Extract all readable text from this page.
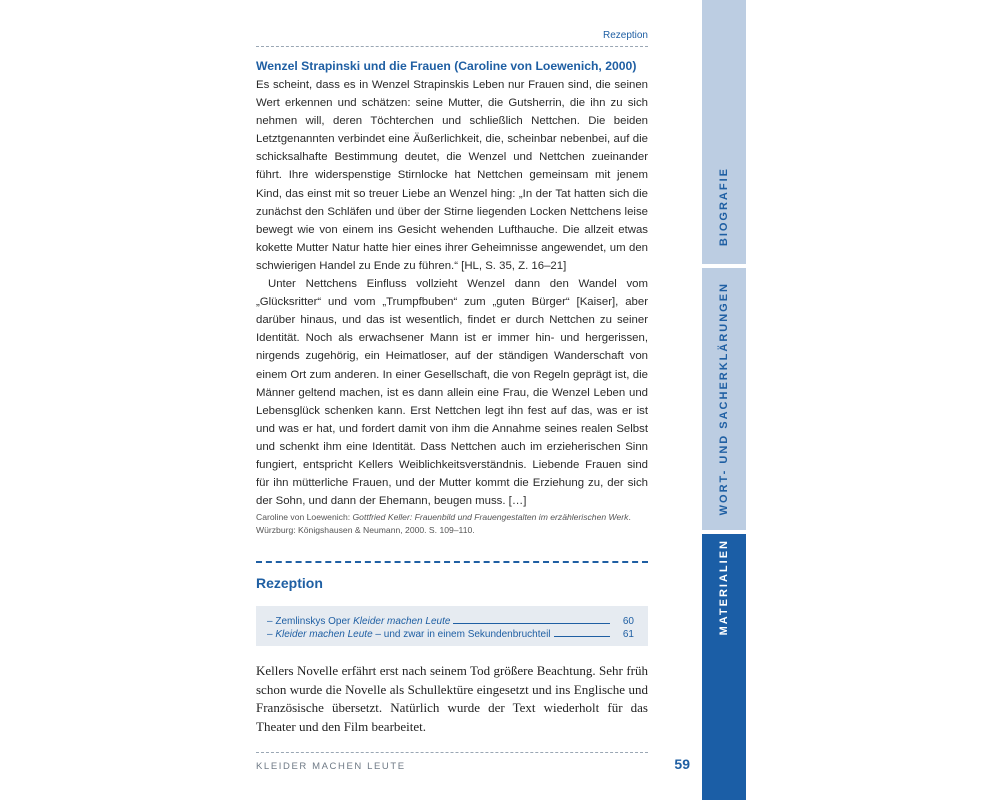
Rezeption
Wenzel Strapinski und die Frauen (Caroline von Loewenich, 2000)

Es scheint, dass es in Wenzel Strapinskis Leben nur Frauen sind, die seinen Wert erkennen und schätzen: seine Mutter, die Gutsherrin, die ihn zu sich nehmen will, deren Töchterchen und schließlich Nettchen. Die beiden Letztgenannten verbindet eine Äußerlichkeit, die, scheinbar nebenbei, auf die schicksalhafte Bestimmung deutet, die Wenzel und Nettchen zueinander führt. Ihre widerspenstige Stirnlocke hat Nettchen gemeinsam mit jenem Kind, das einst mit so treuer Liebe an Wenzel hing: „In der Tat hatten sich die zunächst den Schläfen und über der Stirne liegenden Locken Nettchens leise bewegt wie von einem ins Gesicht wehenden Lufthauche. Die allzeit etwas kokette Mutter Natur hatte hier eines ihrer Geheimnisse angewendet, um den schwierigen Handel zu Ende zu führen.“ [HL, S. 35, Z. 16–21]

Unter Nettchens Einfluss vollzieht Wenzel dann den Wandel vom „Glücksritter“ und vom „Trumpfbuben“ zum „guten Bürger“ [Kaiser], aber darüber hinaus, und das ist wesentlich, findet er durch Nettchen zu seiner Identität. Noch als erwachsener Mann ist er immer hin- und hergerissen, nirgends zugehörig, ein Heimatloser, auf der ständigen Wanderschaft von einem Ort zum anderen. In einer Gesellschaft, die von Regeln geprägt ist, die Männer geltend machen, ist es dann allein eine Frau, die Wenzel Leben und Lebensglück schenken kann. Erst Nettchen legt ihn fest auf das, was er ist und was er hat, und fordert damit von ihm die Annahme seines realen Selbst und schenkt ihm eine Identität. Dass Nettchen auch im erzieherischen Sinn fungiert, entspricht Kellers Weiblichkeitsverständnis. Liebende Frauen sind für ihn mütterliche Frauen, und der Mutter kommt die Erziehung zu, der sich der Sohn, und dann der Ehemann, beugen muss. […]

Caroline von Loewenich: Gottfried Keller: Frauenbild und Frauengestalten im erzählerischen Werk. Würzburg: Königshausen & Neumann, 2000. S. 109–110.
Rezeption
– Zemlinskys Oper Kleider machen Leute	60
– Kleider machen Leute – und zwar in einem Sekundenbruchteil	61
Kellers Novelle erfährt erst nach seinem Tod größere Beachtung. Sehr früh schon wurde die Novelle als Schullektüre eingesetzt und ins Englische und Französische übersetzt. Natürlich wurde der Text wiederholt für das Theater und den Film bearbeitet.
KLEIDER MACHEN LEUTE	59
BIOGRAFIE
WORT- UND SACHERKLÄRUNGEN
MATERIALIEN
